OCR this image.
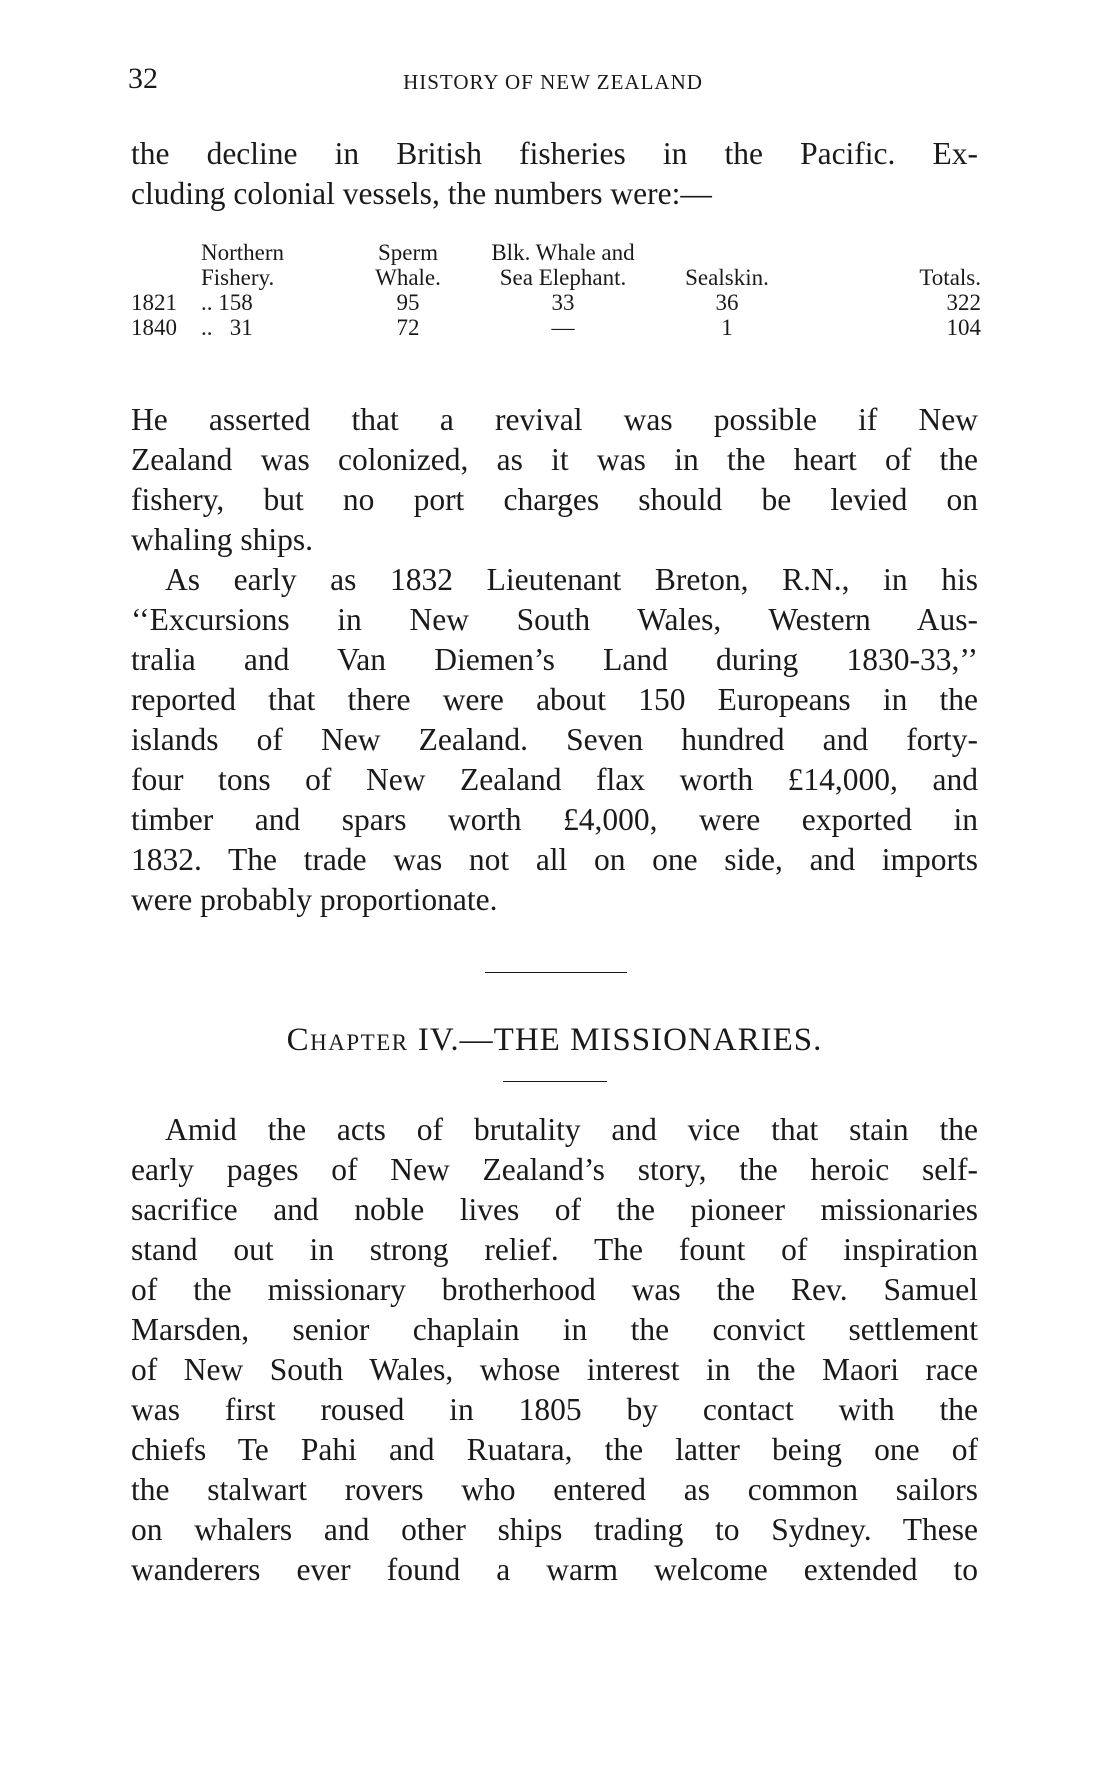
32	HISTORY OF NEW ZEALAND

the decline in British fisheries in the Pacific. Ex-
cluding colonial vessels, the numbers were:—

	Northern	Sperm	Blk. Whale and		
	Fishery.	Whale.	Sea Elephant.	Sealskin.	Totals.
1821	.. 158	95	33	36	322
1840	..   31	72	—	1	104

He asserted that a revival was possible if New
Zealand was colonized, as it was in the heart of the
fishery, but no port charges should be levied on
whaling ships.

As early as 1832 Lieutenant Breton, R.N., in his
‘‘Excursions in New South Wales, Western Aus-
tralia and Van Diemen’s Land during 1830-33,’’
reported that there were about 150 Europeans in the
islands of New Zealand. Seven hundred and forty-
four tons of New Zealand flax worth £14,000, and
timber and spars worth £4,000, were exported in
1832. The trade was not all on one side, and imports
were probably proportionate.

Chapter IV.—THE MISSIONARIES.

Amid the acts of brutality and vice that stain the
early pages of New Zealand’s story, the heroic self-
sacrifice and noble lives of the pioneer missionaries
stand out in strong relief. The fount of inspiration
of the missionary brotherhood was the Rev. Samuel
Marsden, senior chaplain in the convict settlement
of New South Wales, whose interest in the Maori race
was first roused in 1805 by contact with the
chiefs Te Pahi and Ruatara, the latter being one of
the stalwart rovers who entered as common sailors
on whalers and other ships trading to Sydney. These
wanderers ever found a warm welcome extended to
